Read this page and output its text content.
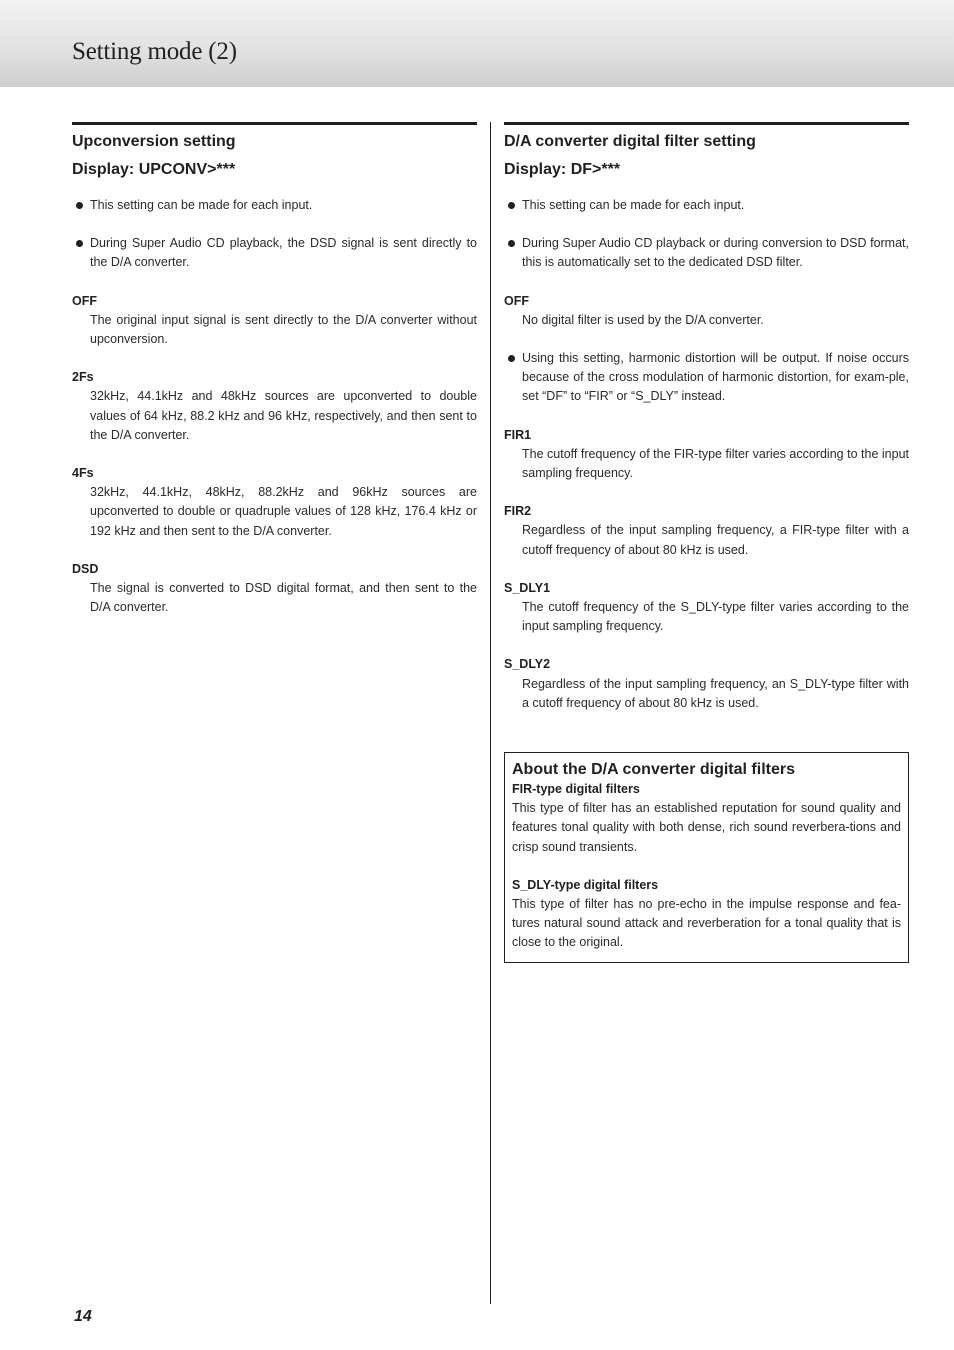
Setting mode (2)
Upconversion setting
Display: UPCONV>***
This setting can be made for each input.
During Super Audio CD playback, the DSD signal is sent directly to the D/A converter.
OFF
The original input signal is sent directly to the D/A converter without upconversion.
2Fs
32kHz, 44.1kHz and 48kHz sources are upconverted to double values of 64 kHz, 88.2 kHz and 96 kHz, respectively, and then sent to the D/A converter.
4Fs
32kHz, 44.1kHz, 48kHz, 88.2kHz and 96kHz sources are upconverted to double or quadruple values of 128 kHz, 176.4 kHz or 192 kHz and then sent to the D/A converter.
DSD
The signal is converted to DSD digital format, and then sent to the D/A converter.
D/A converter digital filter setting
Display: DF>***
This setting can be made for each input.
During Super Audio CD playback or during conversion to DSD format, this is automatically set to the dedicated DSD filter.
OFF
No digital filter is used by the D/A converter.
Using this setting, harmonic distortion will be output. If noise occurs because of the cross modulation of harmonic distortion, for exam-ple, set “DF” to “FIR” or “S_DLY” instead.
FIR1
The cutoff frequency of the FIR-type filter varies according to the input sampling frequency.
FIR2
Regardless of the input sampling frequency, a FIR-type filter with a cutoff frequency of about 80 kHz is used.
S_DLY1
The cutoff frequency of the S_DLY-type filter varies according to the input sampling frequency.
S_DLY2
Regardless of the input sampling frequency, an S_DLY-type filter with a cutoff frequency of about 80 kHz is used.
About the D/A converter digital filters
FIR-type digital filters
This type of filter has an established reputation for sound quality and features tonal quality with both dense, rich sound reverbera-tions and crisp sound transients.
S_DLY-type digital filters
This type of filter has no pre-echo in the impulse response and fea-tures natural sound attack and reverberation for a tonal quality that is close to the original.
14
